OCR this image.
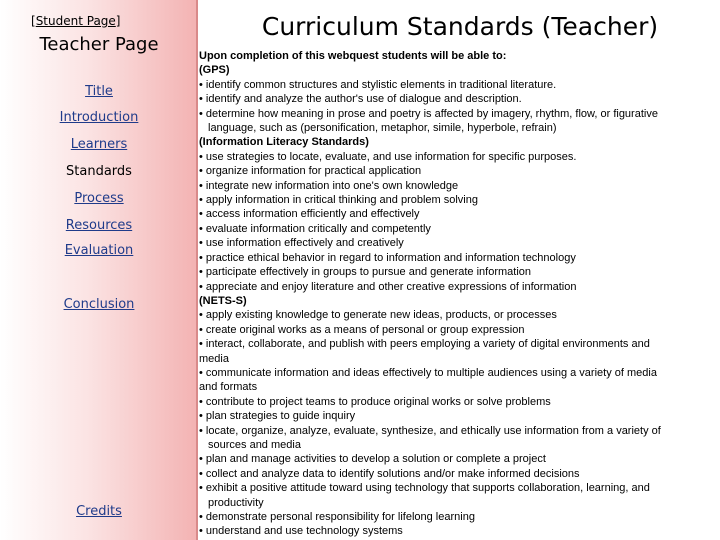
[Student Page]
Teacher Page
Title
Introduction
Learners
Standards
Process
Resources
Evaluation
Conclusion
Credits
Curriculum Standards (Teacher)
Upon completion of this webquest students will be able to:
(GPS)
• identify common structures and stylistic elements in traditional literature.
• identify and analyze the author's use of dialogue and description.
• determine how meaning in prose and poetry is affected by imagery, rhythm, flow, or figurative
language, such as (personification, metaphor, simile, hyperbole, refrain)
(Information Literacy Standards)
• use strategies to locate, evaluate, and use information for specific purposes.
• organize information for practical application
• integrate new information into one's own knowledge
• apply information in critical thinking and problem solving
• access information efficiently and effectively
• evaluate information critically and competently
• use information effectively and creatively
• practice ethical behavior in regard to information and information technology
• participate effectively in groups to pursue and generate information
• appreciate and enjoy literature and other creative expressions of information
(NETS-S)
• apply existing knowledge to generate new ideas, products, or processes
• create original works as a means of personal or group expression
• interact, collaborate, and publish with peers employing a variety of digital environments and
media
• communicate information and ideas effectively to multiple audiences using a variety of media
and formats
• contribute to project teams to produce original works or solve problems
• plan strategies to guide inquiry
• locate, organize, analyze, evaluate, synthesize, and ethically use information from a variety of
sources and media
• plan and manage activities to develop a solution or complete a project
• collect and analyze data to identify solutions and/or make informed decisions
• exhibit a positive attitude toward using technology that supports collaboration, learning, and
productivity
• demonstrate personal responsibility for lifelong learning
• understand and use technology systems
